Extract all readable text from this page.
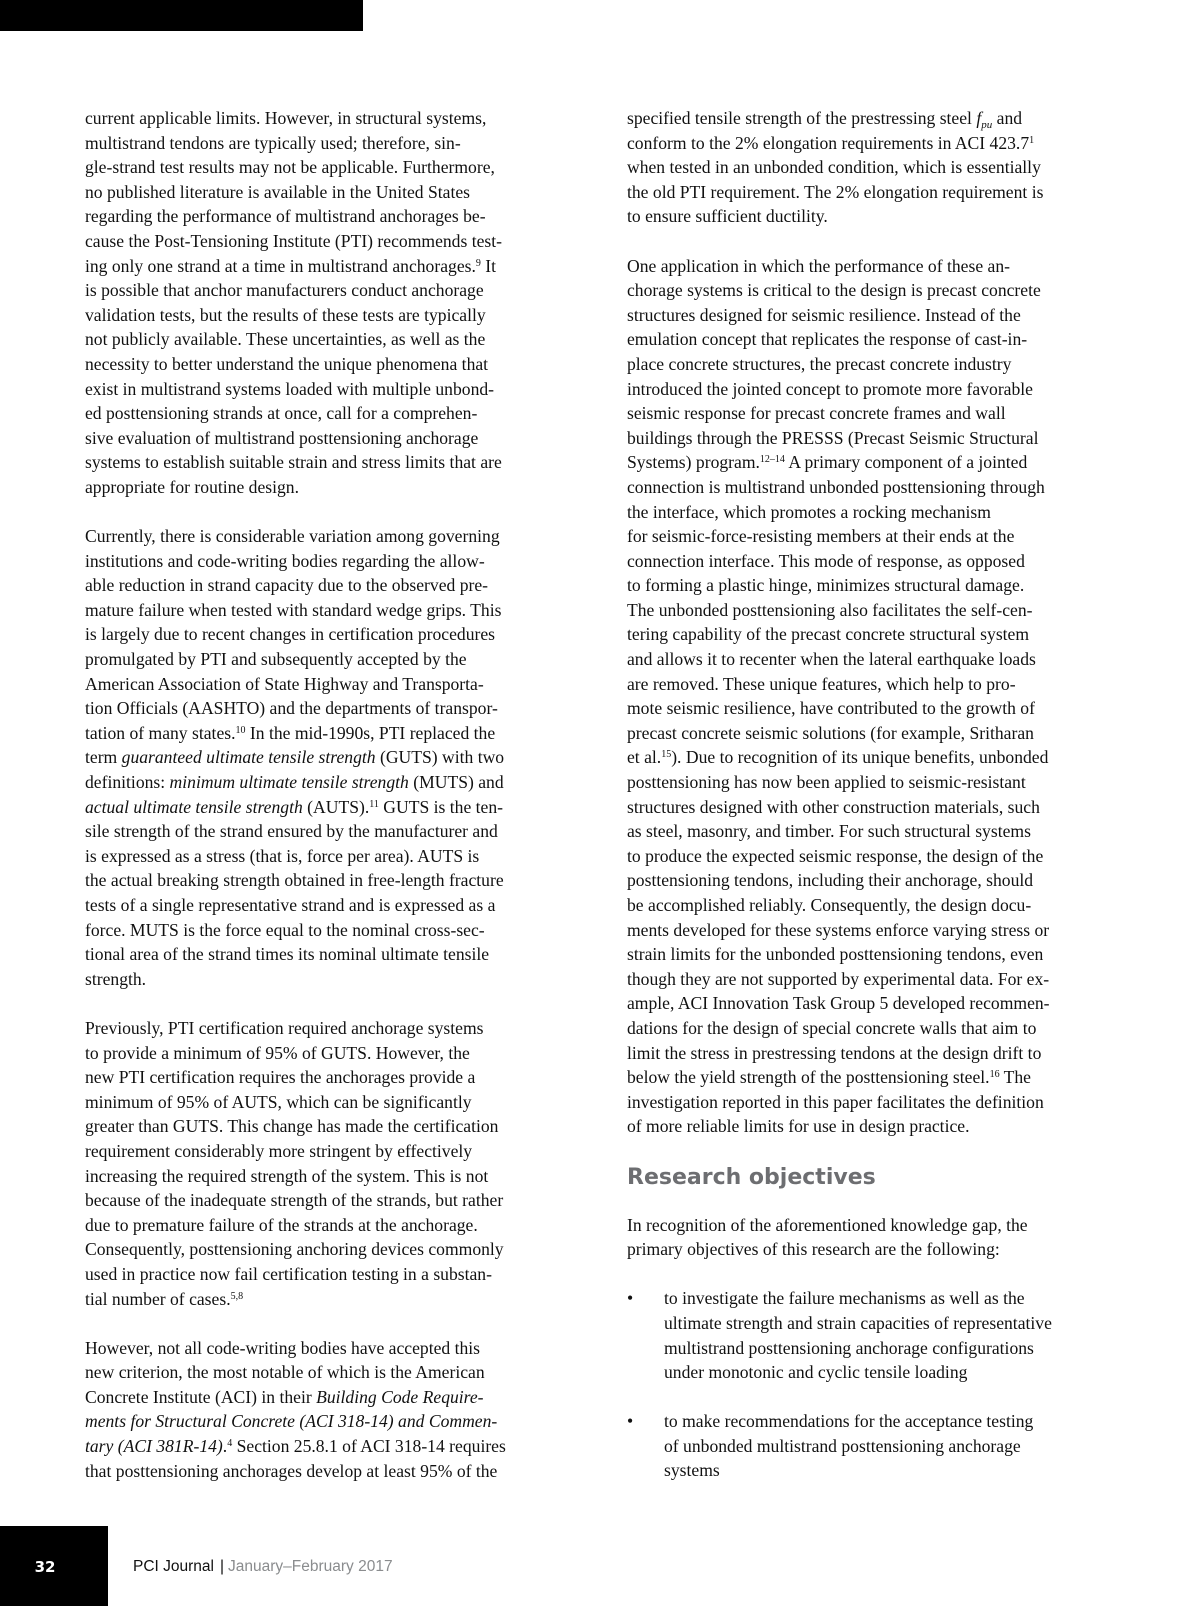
current applicable limits. However, in structural systems,
multistrand tendons are typically used; therefore, sin-
gle-strand test results may not be applicable. Furthermore,
no published literature is available in the United States
regarding the performance of multistrand anchorages be-
cause the Post-Tensioning Institute (PTI) recommends test-
ing only one strand at a time in multistrand anchorages.$^9$ It
is possible that anchor manufacturers conduct anchorage
validation tests, but the results of these tests are typically
not publicly available. These uncertainties, as well as the
necessity to better understand the unique phenomena that
exist in multistrand systems loaded with multiple unbond-
ed posttensioning strands at once, call for a comprehen-
sive evaluation of multistrand posttensioning anchorage
systems to establish suitable strain and stress limits that are
appropriate for routine design.

Currently, there is considerable variation among governing
institutions and code-writing bodies regarding the allow-
able reduction in strand capacity due to the observed pre-
mature failure when tested with standard wedge grips. This
is largely due to recent changes in certification procedures
promulgated by PTI and subsequently accepted by the
American Association of State Highway and Transporta-
tion Officials (AASHTO) and the departments of transpor-
tation of many states.$^{10}$ In the mid-1990s, PTI replaced the
term guaranteed ultimate tensile strength (GUTS) with two
definitions: minimum ultimate tensile strength (MUTS) and
actual ultimate tensile strength (AUTS).$^{11}$ GUTS is the ten-
sile strength of the strand ensured by the manufacturer and
is expressed as a stress (that is, force per area). AUTS is
the actual breaking strength obtained in free-length fracture
tests of a single representative strand and is expressed as a
force. MUTS is the force equal to the nominal cross-sec-
tional area of the strand times its nominal ultimate tensile
strength.

Previously, PTI certification required anchorage systems
to provide a minimum of 95% of GUTS. However, the
new PTI certification requires the anchorages provide a
minimum of 95% of AUTS, which can be significantly
greater than GUTS. This change has made the certification
requirement considerably more stringent by effectively
increasing the required strength of the system. This is not
because of the inadequate strength of the strands, but rather
due to premature failure of the strands at the anchorage.
Consequently, posttensioning anchoring devices commonly
used in practice now fail certification testing in a substan-
tial number of cases.$^{5,8}$

However, not all code-writing bodies have accepted this
new criterion, the most notable of which is the American
Concrete Institute (ACI) in their Building Code Require-
ments for Structural Concrete (ACI 318-14) and Commen-
tary (ACI 381R-14).$^4$ Section 25.8.1 of ACI 318-14 requires
that posttensioning anchorages develop at least 95% of the

specified tensile strength of the prestressing steel $f_{pu}$ and
conform to the 2% elongation requirements in ACI 423.7$^1$
when tested in an unbonded condition, which is essentially
the old PTI requirement. The 2% elongation requirement is
to ensure sufficient ductility.

One application in which the performance of these an-
chorage systems is critical to the design is precast concrete
structures designed for seismic resilience. Instead of the
emulation concept that replicates the response of cast-in-
place concrete structures, the precast concrete industry
introduced the jointed concept to promote more favorable
seismic response for precast concrete frames and wall
buildings through the PRESSS (Precast Seismic Structural
Systems) program.$^{12-14}$ A primary component of a jointed
connection is multistrand unbonded posttensioning through
the interface, which promotes a rocking mechanism
for seismic-force-resisting members at their ends at the
connection interface. This mode of response, as opposed
to forming a plastic hinge, minimizes structural damage.
The unbonded posttensioning also facilitates the self-cen-
tering capability of the precast concrete structural system
and allows it to recenter when the lateral earthquake loads
are removed. These unique features, which help to pro-
mote seismic resilience, have contributed to the growth of
precast concrete seismic solutions (for example, Sritharan
et al.$^{15}$). Due to recognition of its unique benefits, unbonded
posttensioning has now been applied to seismic-resistant
structures designed with other construction materials, such
as steel, masonry, and timber. For such structural systems
to produce the expected seismic response, the design of the
posttensioning tendons, including their anchorage, should
be accomplished reliably. Consequently, the design docu-
ments developed for these systems enforce varying stress or
strain limits for the unbonded posttensioning tendons, even
though they are not supported by experimental data. For ex-
ample, ACI Innovation Task Group 5 developed recommen-
dations for the design of special concrete walls that aim to
limit the stress in prestressing tendons at the design drift to
below the yield strength of the posttensioning steel.$^{16}$ The
investigation reported in this paper facilitates the definition
of more reliable limits for use in design practice.

Research objectives

In recognition of the aforementioned knowledge gap, the
primary objectives of this research are the following:

• to investigate the failure mechanisms as well as the
ultimate strength and strain capacities of representative
multistrand posttensioning anchorage configurations
under monotonic and cyclic tensile loading
• to make recommendations for the acceptance testing
of unbonded multistrand posttensioning anchorage
systems
32	PCI Journal | January–February 2017
